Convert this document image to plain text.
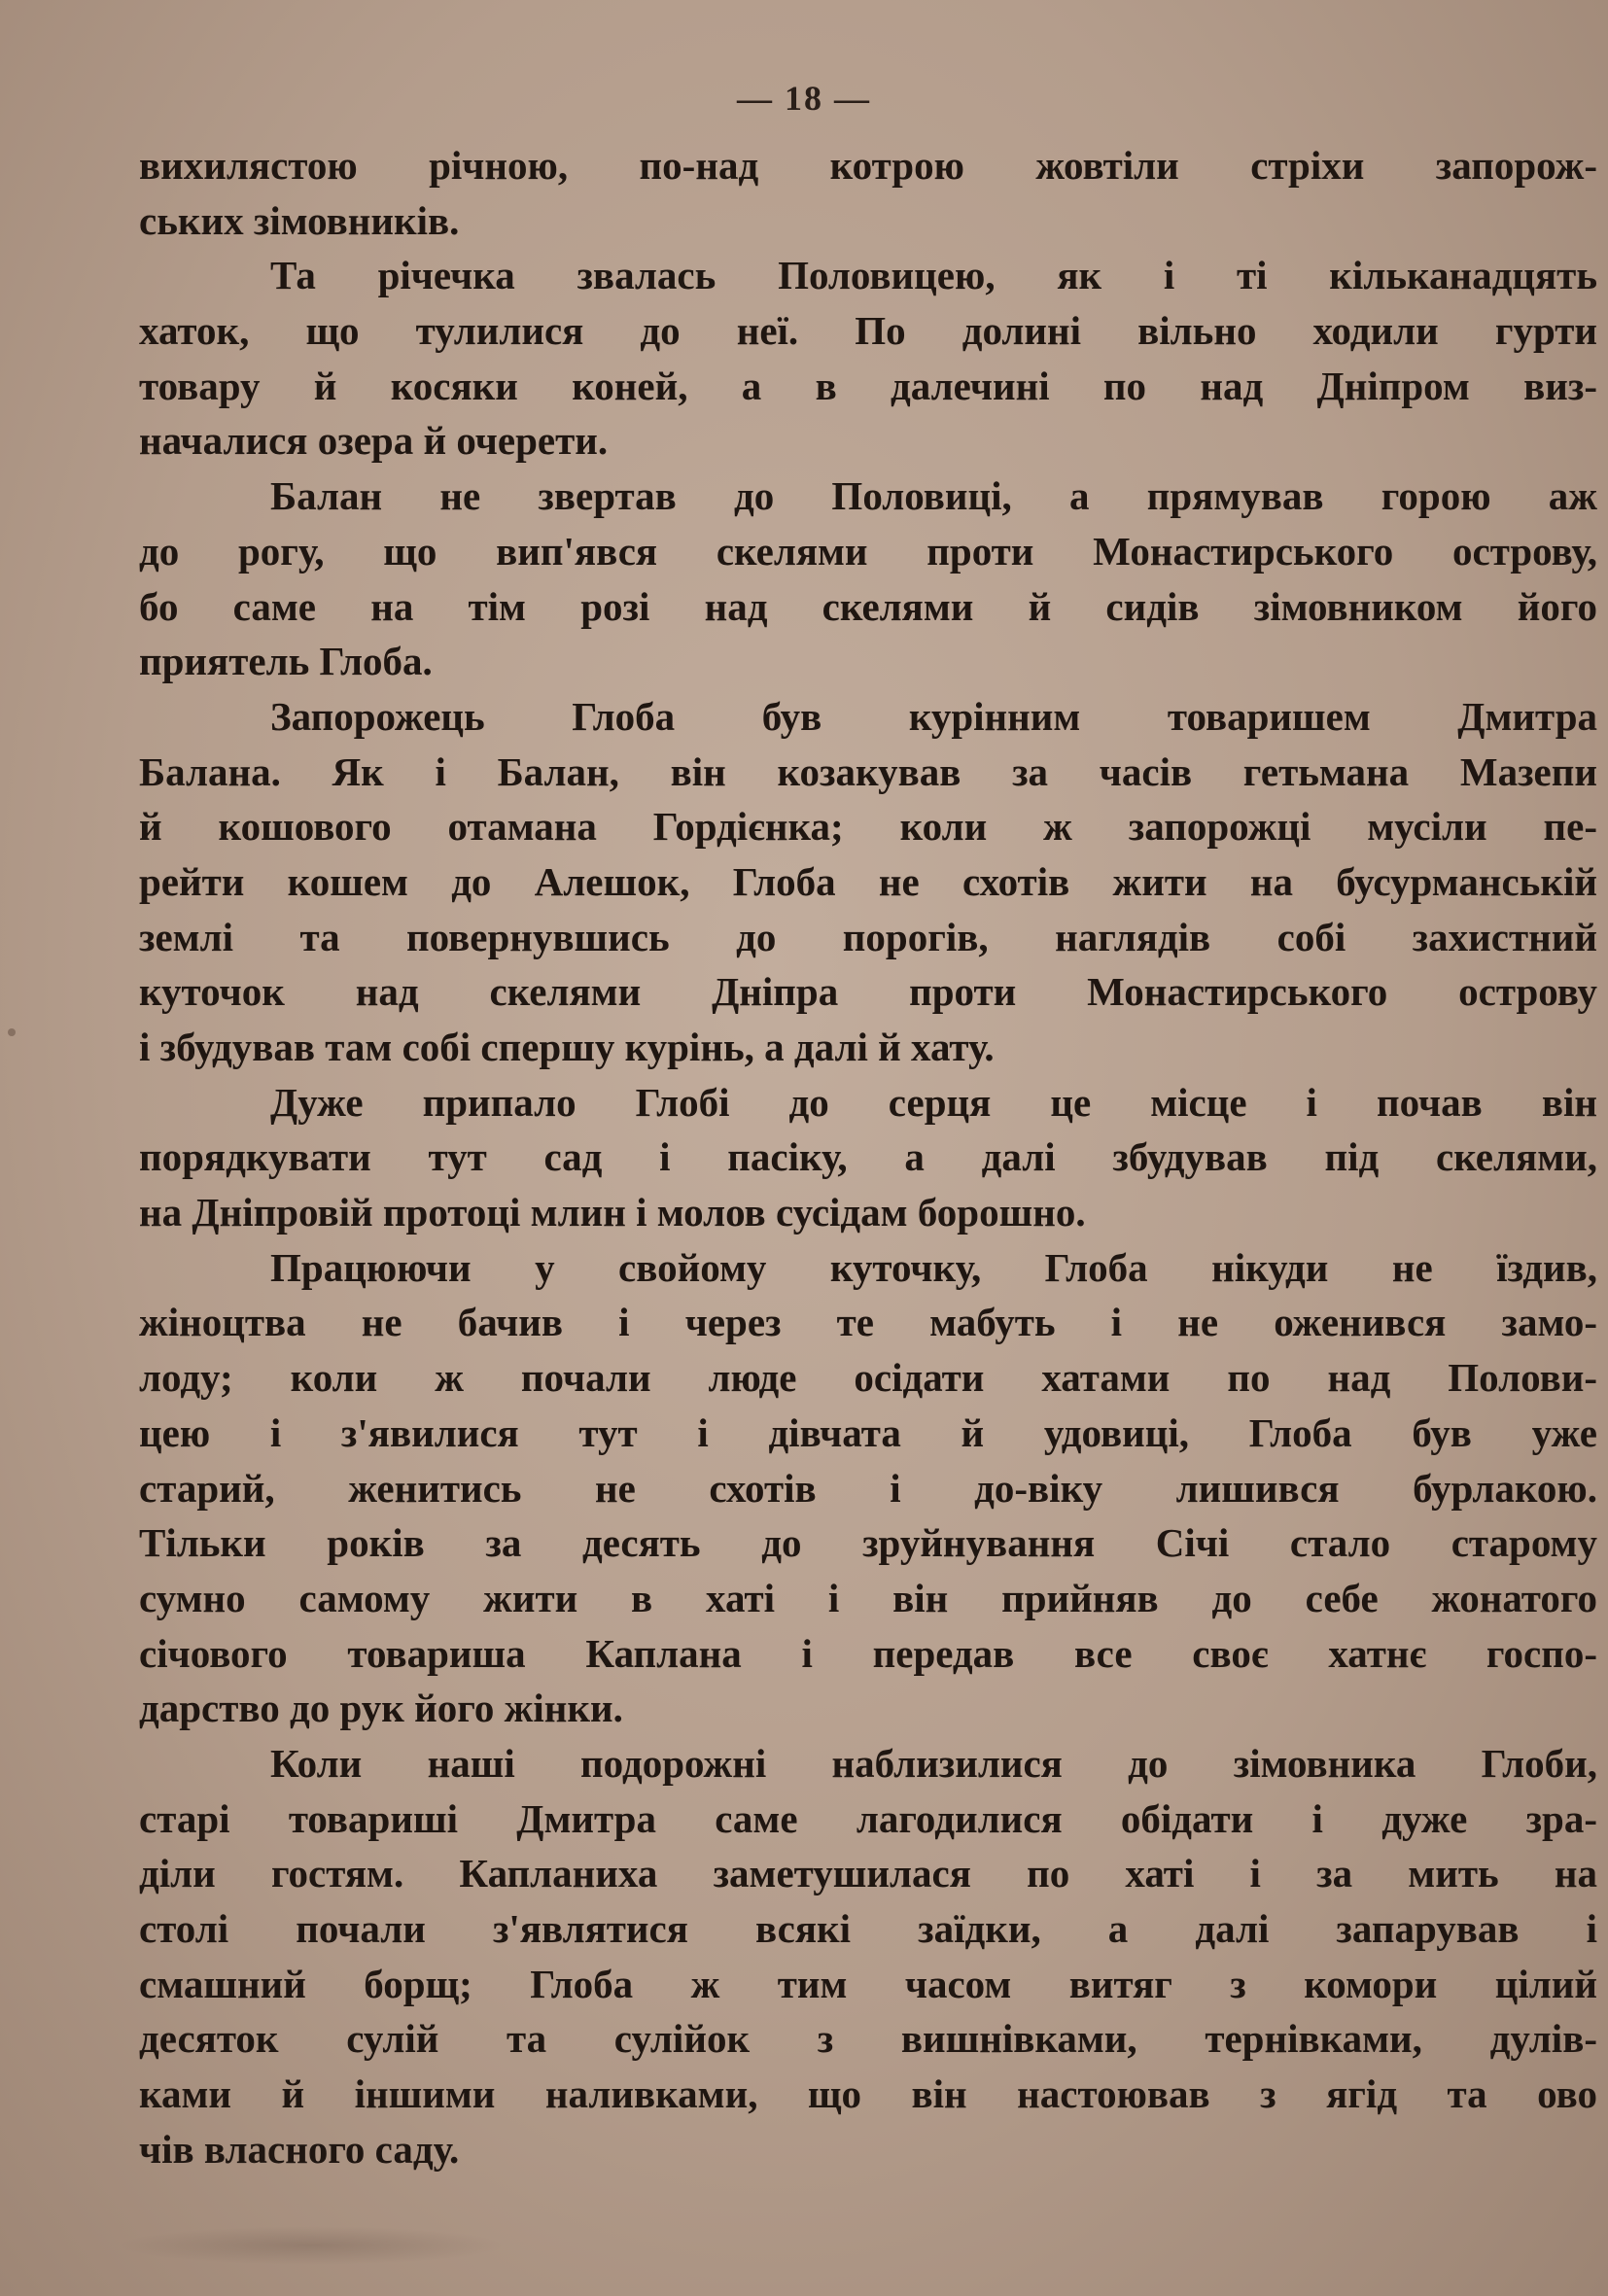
— 18 —
вихилястою річною, по-над котрою жовтіли стріхи запорож-
ських зімовників.
Та річечка звалась Половицею, як і ті кільканадцять
хаток, що тулилися до неї. По долині вільно ходили гурти
товару й косяки коней, а в далечині по над Дніпром виз-
началися озера й очерети.
Балан не звертав до Половиці, а прямував горою аж
до рогу, що вип'явся скелями проти Монастирського острову,
бо саме на тім розі над скелями й сидів зімовником його
приятель Глоба.
Запорожець Глоба був курінним товаришем Дмитра
Балана. Як і Балан, він козакував за часів гетьмана Мазепи
й кошового отамана Гордієнка; коли ж запорожці мусіли пе-
рейти кошем до Алешок, Глоба не схотів жити на бусурманській
землі та повернувшись до порогів, наглядів собі захистний
куточок над скелями Дніпра проти Монастирського острову
і збудував там собі спершу курінь, а далі й хату.
Дуже припало Глобі до серця це місце і почав він
порядкувати тут сад і пасіку, а далі збудував під скелями,
на Дніпровій протоці млин і молов сусідам борошно.
Працюючи у свойому куточку, Глоба нікуди не їздив,
жіноцтва не бачив і через те мабуть і не оженився замо-
лоду; коли ж почали люде осідати хатами по над Полови-
цею і з'явилися тут і дівчата й удовиці, Глоба був уже
старий, женитись не схотів і до-віку лишився бурлакою.
Тільки років за десять до зруйнування Січі стало старому
сумно самому жити в хаті і він прийняв до себе жонатого
січового товариша Каплана і передав все своє хатнє госпо-
дарство до рук його жінки.
Коли наші подорожні наблизилися до зімовника Глоби,
старі товариші Дмитра саме лагодилися обідати і дуже зра-
діли гостям. Капланиха заметушилася по хаті і за мить на
столі почали з'являтися всякі заїдки, а далі запарував і
смашний борщ; Глоба ж тим часом витяг з комори цілий
десяток сулій та сулійок з вишнівками, тернівками, дулів-
ками й іншими наливками, що він настоював з ягід та ово
чів власного саду.
